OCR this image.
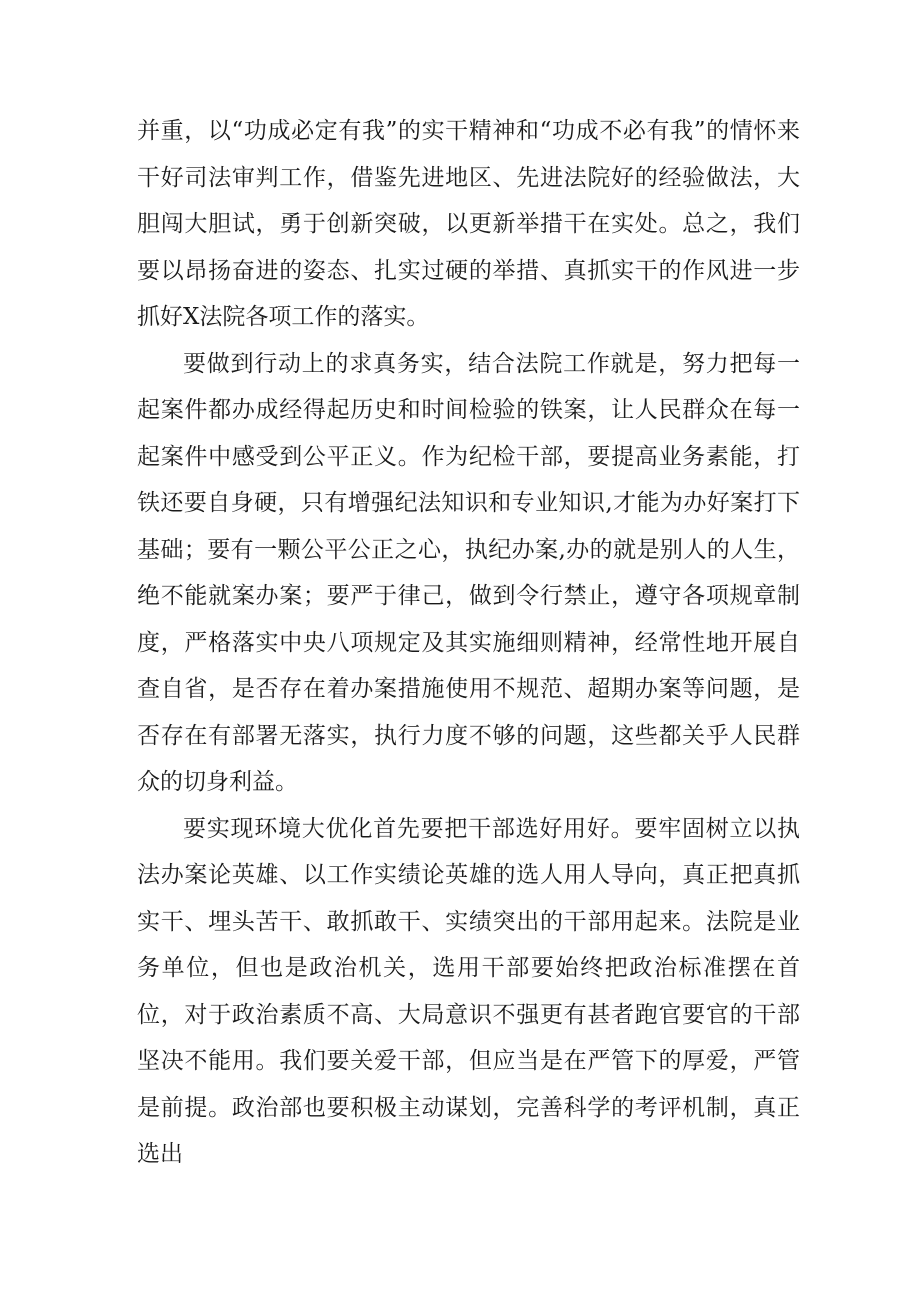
并重，以“功成必定有我”的实干精神和“功成不必有我”的情怀来干好司法审判工作，借鉴先进地区、先进法院好的经验做法，大胆闯大胆试，勇于创新突破，以更新举措干在实处。总之，我们要以昂扬奋进的姿态、扎实过硬的举措、真抓实干的作风进一步抓好X法院各项工作的落实。

要做到行动上的求真务实，结合法院工作就是，努力把每一起案件都办成经得起历史和时间检验的铁案，让人民群众在每一起案件中感受到公平正义。作为纪检干部，要提高业务素能，打铁还要自身硬，只有增强纪法知识和专业知识,才能为办好案打下基础；要有一颗公平公正之心，执纪办案,办的就是别人的人生，绝不能就案办案；要严于律己，做到令行禁止，遵守各项规章制度，严格落实中央八项规定及其实施细则精神，经常性地开展自查自省，是否存在着办案措施使用不规范、超期办案等问题，是否存在有部署无落实，执行力度不够的问题，这些都关乎人民群众的切身利益。

要实现环境大优化首先要把干部选好用好。要牢固树立以执法办案论英雄、以工作实绩论英雄的选人用人导向，真正把真抓实干、埋头苦干、敢抓敢干、实绩突出的干部用起来。法院是业务单位，但也是政治机关，选用干部要始终把政治标准摆在首位，对于政治素质不高、大局意识不强更有甚者跑官要官的干部坚决不能用。我们要关爱干部，但应当是在严管下的厚爱，严管是前提。政治部也要积极主动谋划，完善科学的考评机制，真正选出
